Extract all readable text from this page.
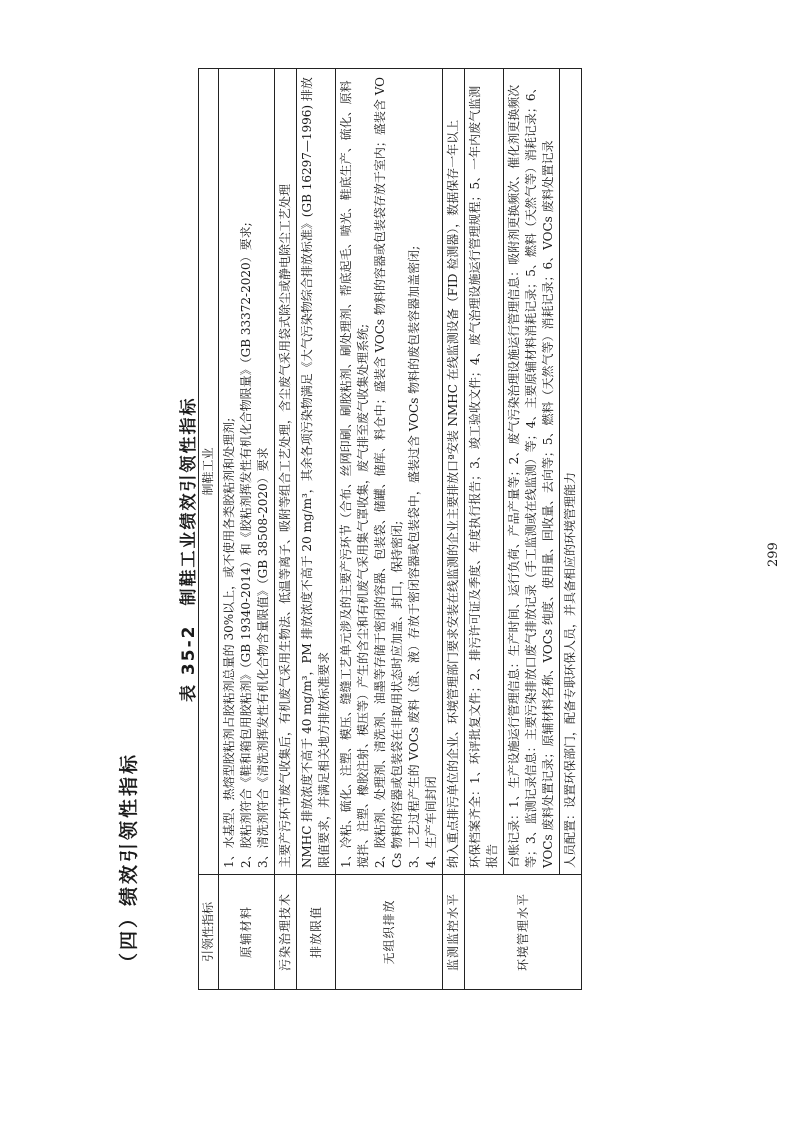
（四）绩效引领性指标
表 35-2　制鞋工业绩效引领性指标
引领性指标	制鞋工业
原辅材料	1、水基型、热熔型胶粘剂占胶粘剂总量的 30%以上，或不使用各类胶粘剂和处理剂; 2、胶粘剂符合《鞋和箱包用胶粘剂》（GB 19340-2014）和《胶粘剂挥发性有机化合物限量》（GB 33372-2020）要求; 3、清洗剂符合《清洗剂挥发性有机化合物含量限值》（GB 38508-2020）要求

污染治理技术	主要产污环节废气收集后，有机废气采用生物法、低温等离子、吸附等组合工艺处理，含尘废气采用袋式除尘或静电除尘工艺处理

排放限值	NMHC 排放浓度不高于 40 mg/m³，PM 排放浓度不高于 20 mg/m³，其余各项污染物满足《大气污染物综合排放标准》(GB 16297—1996) 排放限值要求，并满足相关地方排放标准要求

无组织排放	1、冷粘、硫化、注塑、模压、缝缝工艺单元涉及的主要产污环节（合布、丝网印刷、刷胶粘剂、刷处理剂、帮底起毛、喷光、鞋底生产、硫化、原料搅拌、注塑、橡胶注射、模压等）产生的含尘和有机废气采用集气罩收集，废气排至废气收集处理系统; 2、胶粘剂、处理剂、清洗剂、油墨等存储于密闭的容器、包装袋、储罐、储库、料仓中；盛装含 VOCs 物料的容器或包装袋存放于室内；盛装含 VOCs 物料的容器或包装袋在非取用状态时应加盖、封口，保持密闭; 3、工艺过程产生的 VOCs 废料（渣、液）存放于密闭容器或包装袋中，盛装过含 VOCs 物料的废包装容器加盖密闭; 4、生产车间封闭

监测监控水平	纳入重点排污单位的企业、环境管理部门要求安装在线监测的企业主要排放口ª安装 NMHC 在线监测设备（FID 检测器），数据保存一年以上

环境管理水平	环保档案齐全：1、环评批复文件；2、排污许可证及季度、年度执行报告；3、竣工验收文件；4、废气治理设施运行管理规程；5、一年内废气监测报告

	台账记录：1、生产设施运行管理信息：生产时间、运行负荷、产品产量等；2、废气污染治理设施运行管理信息：吸附剂更换频次、催化剂更换频次等；3、监测记录信息：主要污染排放口废气排放记录（手工监测或在线监测）等；4、主要原辅材料消耗记录；5、燃料（天然气等）消耗记录；6、VOCs 废料处置记录；原辅材料名称、VOCs 纯度、使用量、回收量、去向等；5、燃料（天然气等）消耗记录；6、VOCs 废料处置记录

	人员配置：设置环保部门，配备专职环保人员，并具备相应的环境管理能力	299
